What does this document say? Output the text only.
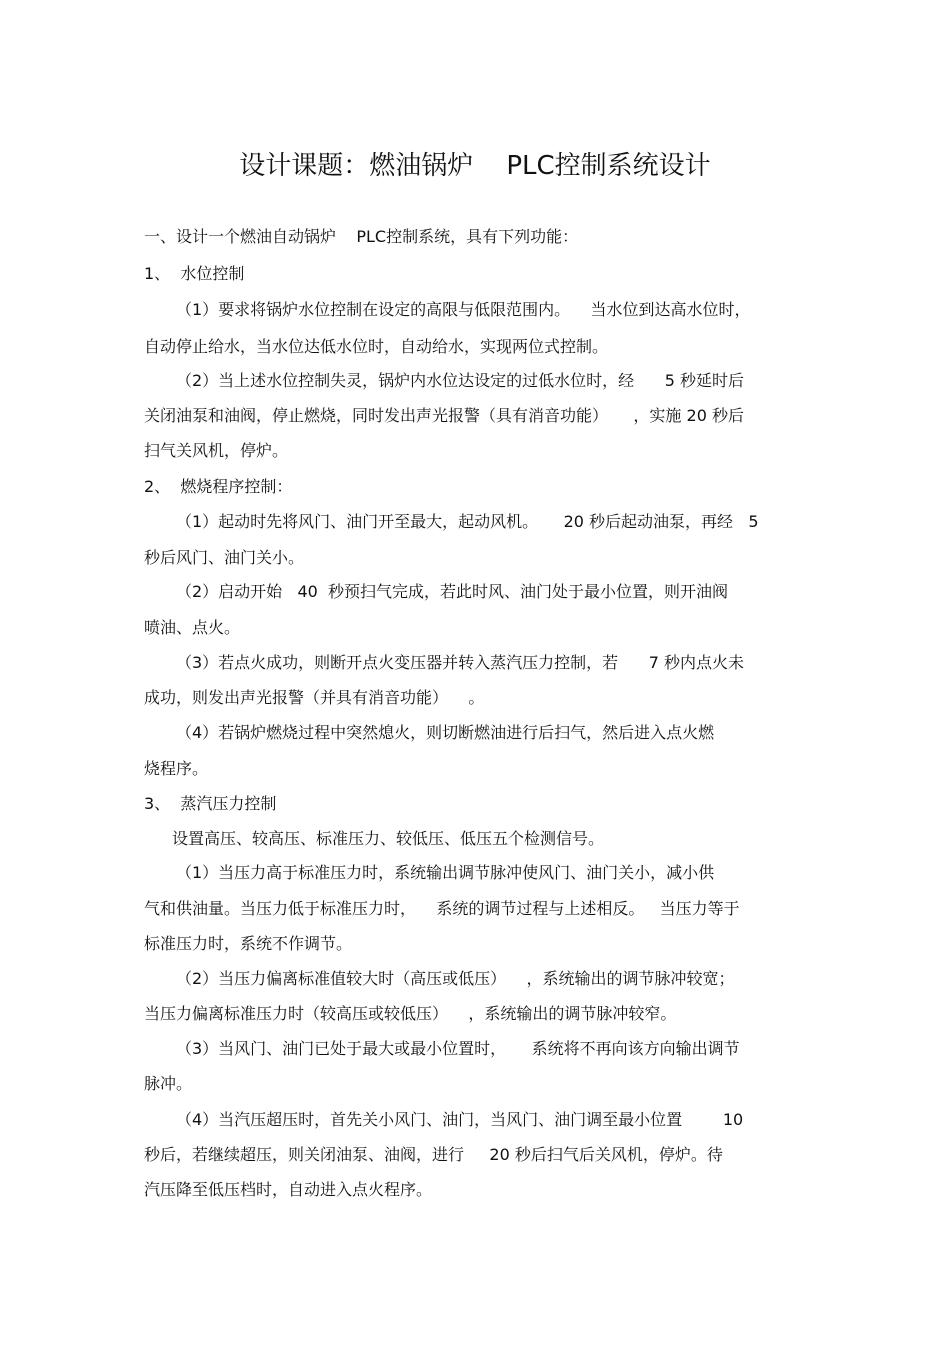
设计课题：燃油锅炉    PLC控制系统设计
一、设计一个燃油自动锅炉    PLC控制系统，具有下列功能：
1、  水位控制
（1）要求将锅炉水位控制在设定的高限与低限范围内。    当水位到达高水位时，
自动停止给水，当水位达低水位时，自动给水，实现两位式控制。
（2）当上述水位控制失灵，锅炉内水位达设定的过低水位时，经      5 秒延时后
关闭油泵和油阀，停止燃烧，同时发出声光报警（具有消音功能）     ，实施 20 秒后
扫气关风机，停炉。
2、  燃烧程序控制：
（1）起动时先将风门、油门开至最大，起动风机。     20 秒后起动油泵，再经   5
秒后风门、油门关小。
（2）启动开始   40  秒预扫气完成，若此时风、油门处于最小位置，则开油阀
喷油、点火。
（3）若点火成功，则断开点火变压器并转入蒸汽压力控制，若      7 秒内点火未
成功，则发出声光报警（并具有消音功能）    。
（4）若锅炉燃烧过程中突然熄火，则切断燃油进行后扫气，然后进入点火燃
烧程序。
3、  蒸汽压力控制
设置高压、较高压、标准压力、较低压、低压五个检测信号。
（1）当压力高于标准压力时，系统输出调节脉冲使风门、油门关小，减小供
气和供油量。当压力低于标准压力时，    系统的调节过程与上述相反。   当压力等于
标准压力时，系统不作调节。
（2）当压力偏离标准值较大时（高压或低压）    ，系统输出的调节脉冲较宽；
当压力偏离标准压力时（较高压或较低压）    ，系统输出的调节脉冲较窄。
（3）当风门、油门已处于最大或最小位置时，     系统将不再向该方向输出调节
脉冲。
（4）当汽压超压时，首先关小风门、油门，当风门、油门调至最小位置        10
秒后，若继续超压，则关闭油泵、油阀，进行     20 秒后扫气后关风机，停炉。待
汽压降至低压档时，自动进入点火程序。
